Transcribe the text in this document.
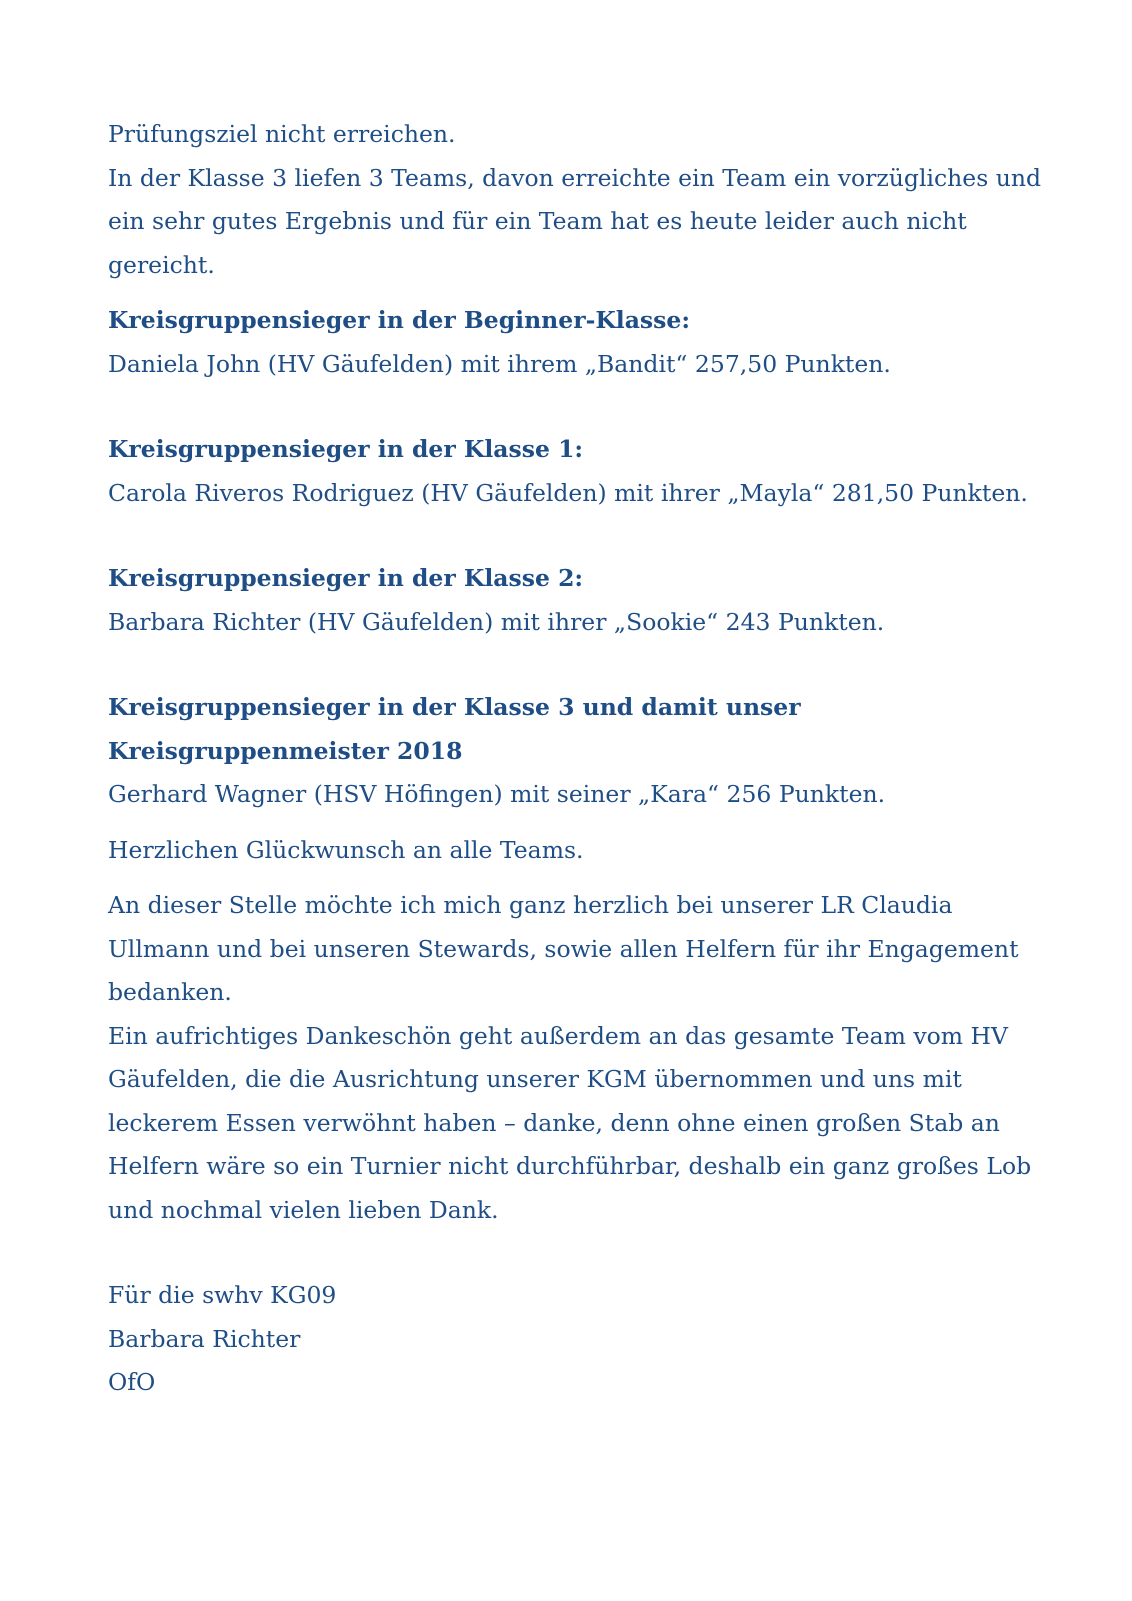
Prüfungsziel nicht erreichen.
In der Klasse 3 liefen 3 Teams, davon erreichte ein Team ein vorzügliches und
ein sehr gutes Ergebnis und für ein Team hat es heute leider auch nicht
gereicht.

Kreisgruppensieger in der Beginner-Klasse:
Daniela John (HV Gäufelden) mit ihrem „Bandit“ 257,50 Punkten.
Kreisgruppensieger in der Klasse 1:
Carola Riveros Rodriguez (HV Gäufelden) mit ihrer „Mayla“ 281,50 Punkten.
Kreisgruppensieger in der Klasse 2:
Barbara Richter (HV Gäufelden) mit ihrer „Sookie“ 243 Punkten.
Kreisgruppensieger in der Klasse 3 und damit unser
Kreisgruppenmeister 2018
Gerhard Wagner (HSV Höfingen) mit seiner „Kara“ 256 Punkten.

Herzlichen Glückwunsch an alle Teams.

An dieser Stelle möchte ich mich ganz herzlich bei unserer LR Claudia
Ullmann und bei unseren Stewards, sowie allen Helfern für ihr Engagement
bedanken.
Ein aufrichtiges Dankeschön geht außerdem an das gesamte Team vom HV
Gäufelden, die die Ausrichtung unserer KGM übernommen und uns mit
leckerem Essen verwöhnt haben – danke, denn ohne einen großen Stab an
Helfern wäre so ein Turnier nicht durchführbar, deshalb ein ganz großes Lob
und nochmal vielen lieben Dank.

Für die swhv KG09
Barbara Richter
OfO
